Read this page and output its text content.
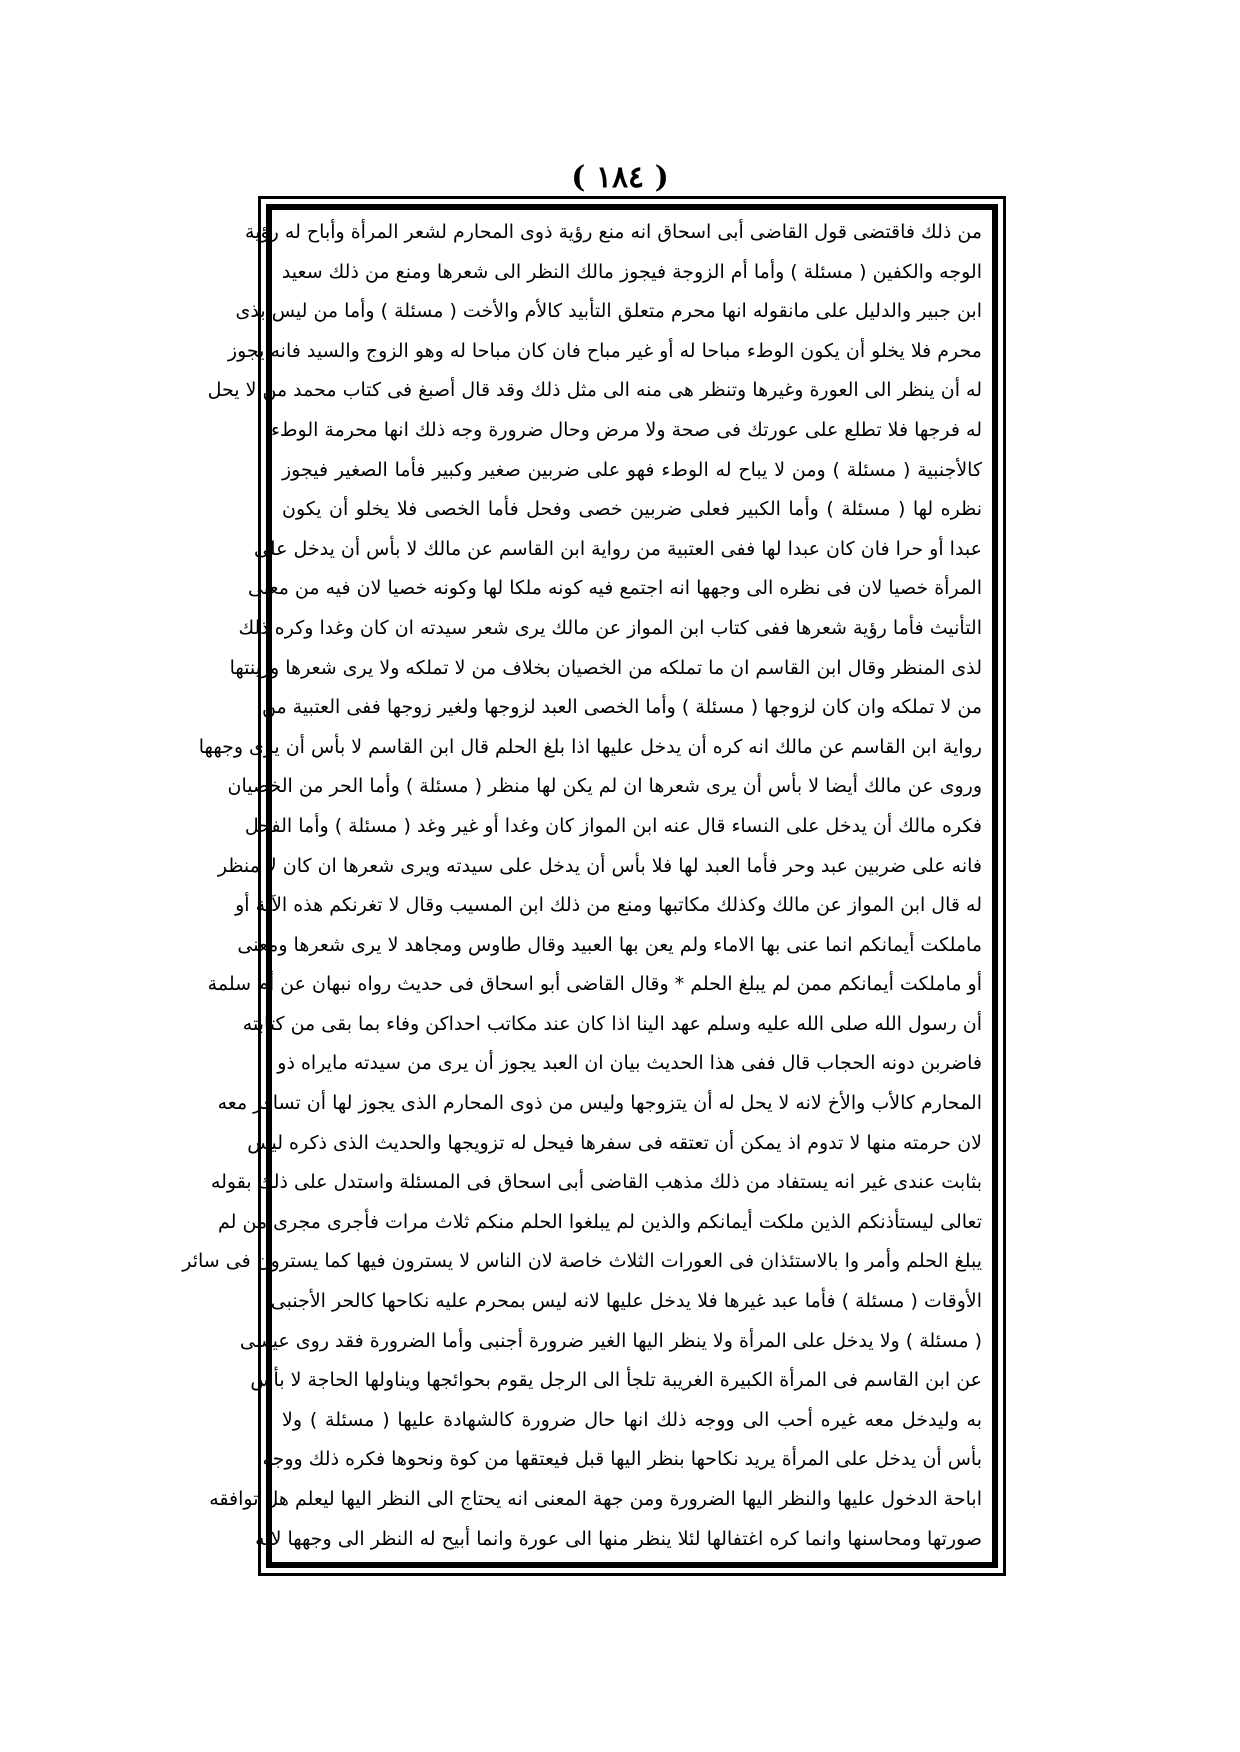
( ١٨٤ )
من ذلك فاقتضى قول القاضى أبى اسحاق انه منع رؤية ذوى المحارم لشعر المرأة وأباح له رؤية
الوجه والكفين ( مسئلة ) وأما أم الزوجة فيجوز مالك النظر الى شعرها ومنع من ذلك سعيد
ابن جبير والدليل على مانقوله انها محرم متعلق التأبيد كالأم والأخت ( مسئلة ) وأما من ليس بذى
محرم فلا يخلو أن يكون الوطء مباحا له أو غير مباح فان كان مباحا له وهو الزوج والسيد فانه يجوز
له أن ينظر الى العورة وغيرها وتنظر هى منه الى مثل ذلك وقد قال أصبغ فى كتاب محمد من لا يحل
له فرجها فلا تطلع على عورتك فى صحة ولا مرض وحال ضرورة وجه ذلك انها محرمة الوطء
كالأجنبية ( مسئلة ) ومن لا يباح له الوطء فهو على ضربين صغير وكبير فأما الصغير فيجوز
نظره لها ( مسئلة ) وأما الكبير فعلى ضربين خصى وفحل فأما الخصى فلا يخلو أن يكون
عبدا أو حرا فان كان عبدا لها ففى العتبية من رواية ابن القاسم عن مالك لا بأس أن يدخل على
المرأة خصيا لان فى نظره الى وجهها انه اجتمع فيه كونه ملكا لها وكونه خصيا لان فيه من معنى
التأنيث فأما رؤية شعرها ففى كتاب ابن المواز عن مالك يرى شعر سيدته ان كان وغدا وكره ذلك
لذى المنظر وقال ابن القاسم ان ما تملكه من الخصيان بخلاف من لا تملكه ولا يرى شعرها وزينتها
من لا تملكه وان كان لزوجها ( مسئلة ) وأما الخصى العبد لزوجها ولغير زوجها ففى العتبية من
رواية ابن القاسم عن مالك انه كره أن يدخل عليها اذا بلغ الحلم قال ابن القاسم لا بأس أن يرى وجهها
وروى عن مالك أيضا لا بأس أن يرى شعرها ان لم يكن لها منظر ( مسئلة ) وأما الحر من الخصيان
فكره مالك أن يدخل على النساء قال عنه ابن المواز كان وغدا أو غير وغد ( مسئلة ) وأما الفحل
فانه على ضربين عبد وحر فأما العبد لها فلا بأس أن يدخل على سيدته ويرى شعرها ان كان لا منظر
له قال ابن المواز عن مالك وكذلك مكاتبها ومنع من ذلك ابن المسيب وقال لا تغرنكم هذه الآية أو
ماملكت أيمانكم انما عنى بها الاماء ولم يعن بها العبيد وقال طاوس ومجاهد لا يرى شعرها ومعنى
أو ماملكت أيمانكم ممن لم يبلغ الحلم * وقال القاضى أبو اسحاق فى حديث رواه نبهان عن أم سلمة
أن رسول الله صلى الله عليه وسلم عهد الينا اذا كان عند مكاتب احداكن وفاء بما بقى من كتابته
فاضربن دونه الحجاب قال ففى هذا الحديث بيان ان العبد يجوز أن يرى من سيدته مايراه ذو
المحارم كالأب والأخ لانه لا يحل له أن يتزوجها وليس من ذوى المحارم الذى يجوز لها أن تسافر معه
لان حرمته منها لا تدوم اذ يمكن أن تعتقه فى سفرها فيحل له تزويجها والحديث الذى ذكره ليس
بثابت عندى غير انه يستفاد من ذلك مذهب القاضى أبى اسحاق فى المسئلة واستدل على ذلك بقوله
تعالى ليستأذنكم الذين ملكت أيمانكم والذين لم يبلغوا الحلم منكم ثلاث مرات فأجرى مجرى من لم
يبلغ الحلم وأمر وا بالاستئذان فى العورات الثلاث خاصة لان الناس لا يسترون فيها كما يسترون فى سائر
الأوقات ( مسئلة ) فأما عبد غيرها فلا يدخل عليها لانه ليس بمحرم عليه نكاحها كالحر الأجنبى
( مسئلة ) ولا يدخل على المرأة ولا ينظر اليها الغير ضرورة أجنبى وأما الضرورة فقد روى عيسى
عن ابن القاسم فى المرأة الكبيرة الغريبة تلجأ الى الرجل يقوم بحوائجها ويناولها الحاجة لا بأس
به وليدخل معه غيره أحب الى ووجه ذلك انها حال ضرورة كالشهادة عليها ( مسئلة ) ولا
بأس أن يدخل على المرأة يريد نكاحها بنظر اليها قبل فيعتقها من كوة ونحوها فكره ذلك ووجه
اباحة الدخول عليها والنظر اليها الضرورة ومن جهة المعنى انه يحتاج الى النظر اليها ليعلم هل توافقه
صورتها ومحاسنها وانما كره اغتفالها لئلا ينظر منها الى عورة وانما أبيح له النظر الى وجهها لانه
